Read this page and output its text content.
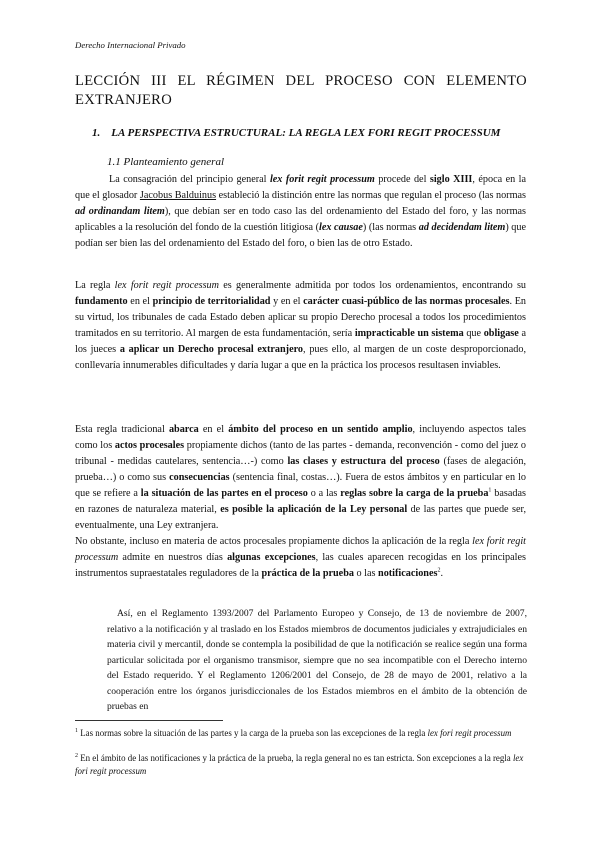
Derecho Internacional Privado
LECCIÓN III EL RÉGIMEN DEL PROCESO CON ELEMENTO EXTRANJERO
1. LA PERSPECTIVA ESTRUCTURAL: LA REGLA LEX FORI REGIT PROCESSUM
1.1 Planteamiento general
La consagración del principio general lex forit regit processum procede del siglo XIII, época en la que el glosador Jacobus Balduinus estableció la distinción entre las normas que regulan el proceso (las normas ad ordinandam litem), que debían ser en todo caso las del ordenamiento del Estado del foro, y las normas aplicables a la resolución del fondo de la cuestión litigiosa (lex causae) (las normas ad decidendam litem) que podían ser bien las del ordenamiento del Estado del foro, o bien las de otro Estado.
La regla lex forit regit processum es generalmente admitida por todos los ordenamientos, encontrando su fundamento en el principio de territorialidad y en el carácter cuasi-público de las normas procesales. En su virtud, los tribunales de cada Estado deben aplicar su propio Derecho procesal a todos los procedimientos tramitados en su territorio. Al margen de esta fundamentación, sería impracticable un sistema que obligase a los jueces a aplicar un Derecho procesal extranjero, pues ello, al margen de un coste desproporcionado, conllevaría innumerables dificultades y daría lugar a que en la práctica los procesos resultasen inviables.
Esta regla tradicional abarca en el ámbito del proceso en un sentido amplio, incluyendo aspectos tales como los actos procesales propiamente dichos (tanto de las partes - demanda, reconvención - como del juez o tribunal - medidas cautelares, sentencia…-) como las clases y estructura del proceso (fases de alegación, prueba…) o como sus consecuencias (sentencia final, costas…). Fuera de estos ámbitos y en particular en lo que se refiere a la situación de las partes en el proceso o a las reglas sobre la carga de la prueba$^1$ basadas en razones de naturaleza material, es posible la aplicación de la Ley personal de las partes que puede ser, eventualmente, una Ley extranjera.
No obstante, incluso en materia de actos procesales propiamente dichos la aplicación de la regla lex forit regit processum admite en nuestros días algunas excepciones, las cuales aparecen recogidas en los principales instrumentos supraestatales reguladores de la práctica de la prueba o las notificaciones$^2$.
Así, en el Reglamento 1393/2007 del Parlamento Europeo y Consejo, de 13 de noviembre de 2007, relativo a la notificación y al traslado en los Estados miembros de documentos judiciales y extrajudiciales en materia civil y mercantil, donde se contempla la posibilidad de que la notificación se realice según una forma particular solicitada por el organismo transmisor, siempre que no sea incompatible con el Derecho interno del Estado requerido. Y el Reglamento 1206/2001 del Consejo, de 28 de mayo de 2001, relativo a la cooperación entre los órganos jurisdiccionales de los Estados miembros en el ámbito de la obtención de pruebas en
$^1$ Las normas sobre la situación de las partes y la carga de la prueba son las excepciones de la regla lex fori regit processum
$^2$ En el ámbito de las notificaciones y la práctica de la prueba, la regla general no es tan estricta. Son excepciones a la regla lex fori regit processum
